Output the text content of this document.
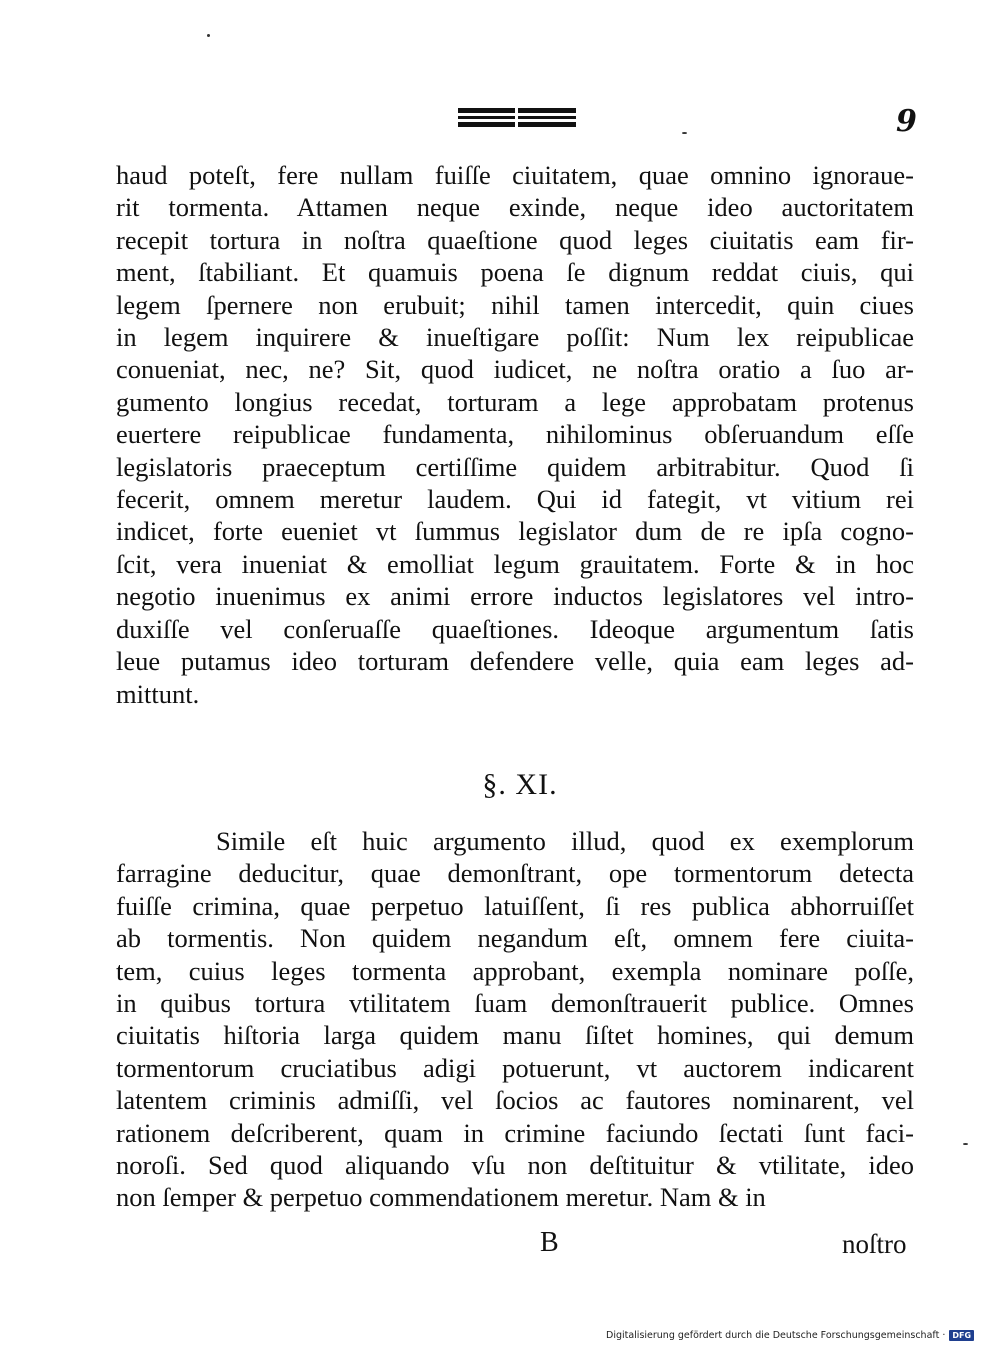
9
haud poteſt, fere nullam fuiſſe ciuitatem, quae omnino ignoraue-
rit tormenta. Attamen neque exinde, neque ideo auctoritatem
recepit tortura in noſtra quaeſtione quod leges ciuitatis eam fir-
ment, ſtabiliant. Et quamuis poena ſe dignum reddat ciuis, qui
legem ſpernere non erubuit; nihil tamen intercedit, quin ciues
in legem inquirere & inueſtigare poſſit: Num lex reipublicae
conueniat, nec, ne? Sit, quod iudicet, ne noſtra oratio a ſuo ar-
gumento longius recedat, torturam a lege approbatam protenus
euertere reipublicae fundamenta, nihilominus obſeruandum eſſe
legislatoris praeceptum certiſſime quidem arbitrabitur. Quod ſi
fecerit, omnem meretur laudem. Qui id fategit, vt vitium rei
indicet, forte eueniet vt ſummus legislator dum de re ipſa cogno-
ſcit, vera inueniat & emolliat legum grauitatem. Forte & in hoc
negotio inuenimus ex animi errore inductos legislatores vel intro-
duxiſſe vel conſeruaſſe quaeſtiones. Ideoque argumentum ſatis
leue putamus ideo torturam defendere velle, quia eam leges ad-
mittunt.
§. XI.
Simile eſt huic argumento illud, quod ex exemplorum
farragine deducitur, quae demonſtrant, ope tormentorum detecta
fuiſſe crimina, quae perpetuo latuiſſent, ſi res publica abhorruiſſet
ab tormentis. Non quidem negandum eſt, omnem fere ciuita-
tem, cuius leges tormenta approbant, exempla nominare poſſe,
in quibus tortura vtilitatem ſuam demonſtrauerit publice. Omnes
ciuitatis hiſtoria larga quidem manu ſiſtet homines, qui demum
tormentorum cruciatibus adigi potuerunt, vt auctorem indicarent
latentem criminis admiſſi, vel ſocios ac fautores nominarent, vel
rationem deſcriberent, quam in crimine faciundo ſectati ſunt faci-
noroſi. Sed quod aliquando vſu non deſtituitur & vtilitate, ideo
non ſemper & perpetuo commendationem meretur. Nam & in
B	noſtro
Digitalisierung gefördert durch die Deutsche Forschungsgemeinschaft · DFG
